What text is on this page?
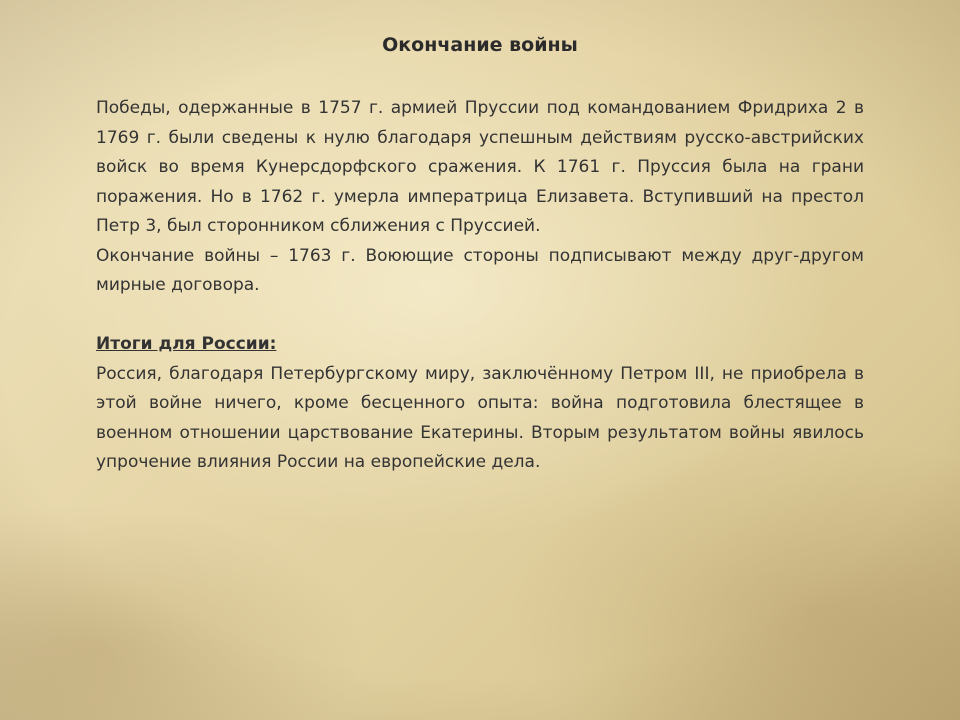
Окончание войны

Победы, одержанные в 1757 г. армией Пруссии под командованием Фридриха 2 в 1769 г. были сведены к нулю благодаря успешным действиям русско-австрийских войск во время Кунерсдорфского сражения. К 1761 г. Пруссия была на грани поражения. Но в 1762 г. умерла императрица Елизавета. Вступивший на престол Петр 3, был сторонником сближения с Пруссией.

Окончание войны – 1763 г. Воюющие стороны подписывают между друг-другом мирные договора.

Итоги для России:

Россия, благодаря Петербургскому миру, заключённому Петром III, не приобрела в этой войне ничего, кроме бесценного опыта: война подготовила блестящее в военном отношении царствование Екатерины. Вторым результатом войны явилось упрочение влияния России на европейские дела.
